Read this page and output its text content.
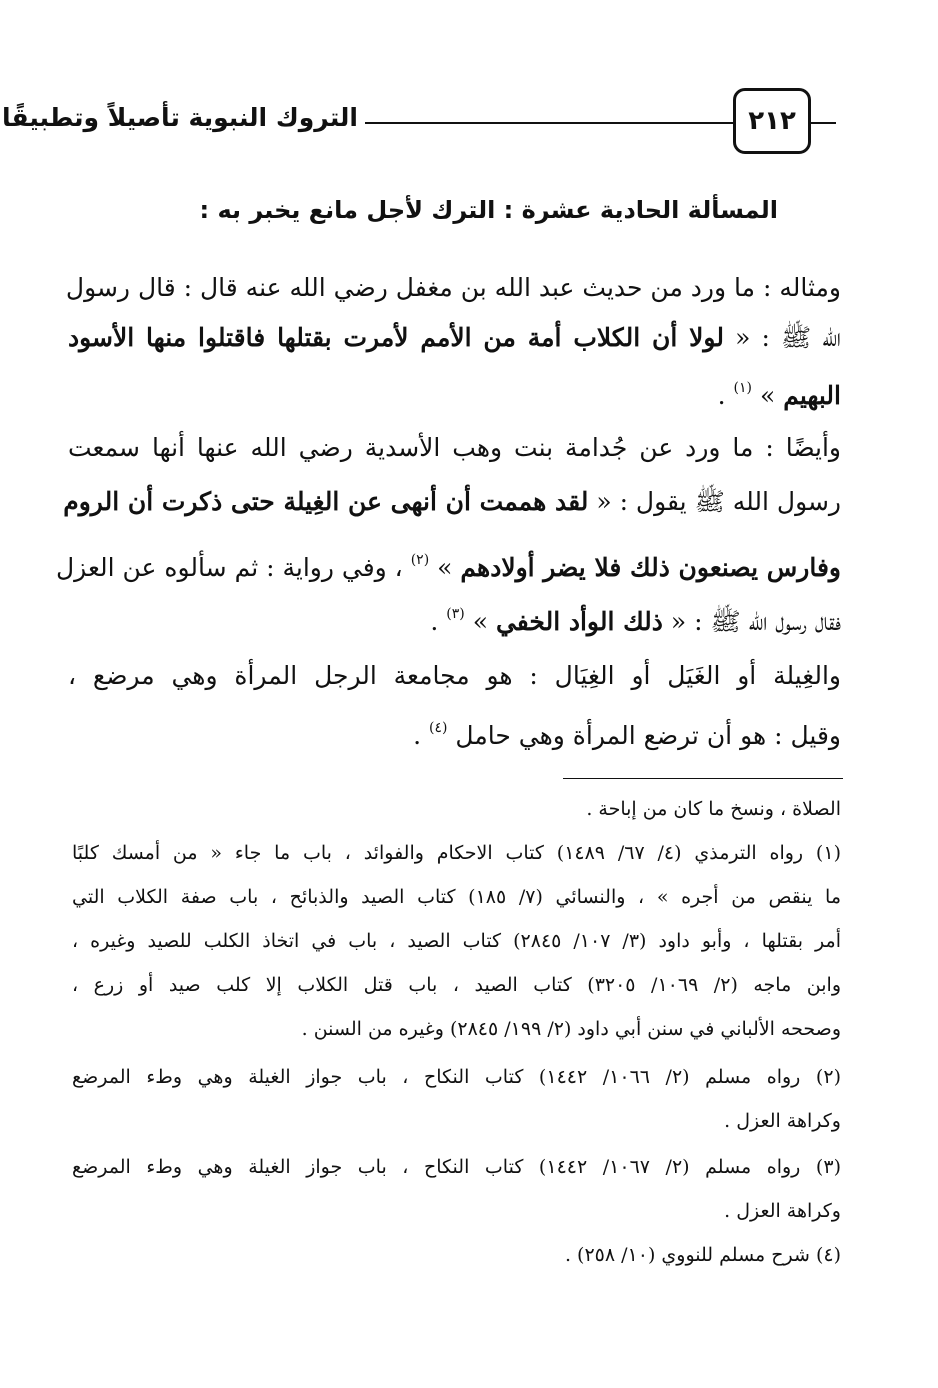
٢١٢
التروك النبوية تأصيلاً وتطبيقًا
المسألة الحادية عشرة : الترك لأجل مانع يخبر به :
ومثاله : ما ورد من حديث عبد الله بن مغفل رضي الله عنه قال : قال رسول
الله ﷺ : « لولا أن الكلاب أمة من الأمم لأمرت بقتلها فاقتلوا منها الأسود
البهيم » $^{(١)}$ .
وأيضًا : ما ورد عن جُدامة بنت وهب الأسدية رضي الله عنها أنها سمعت
رسول الله ﷺ يقول : « لقد هممت أن أنهى عن الغِيلة حتى ذكرت أن الروم
وفارس يصنعون ذلك فلا يضر أولادهم » $^{(٢)}$ ، وفي رواية : ثم سألوه عن العزل
فقال رسول الله ﷺ : « ذلك الوأد الخفي » $^{(٣)}$ .
والغِيلة أو الغَيَل أو الغِيَال : هو مجامعة الرجل المرأة وهي مرضع ،
وقيل : هو أن ترضع المرأة وهي حامل $^{(٤)}$ .
الصلاة ، ونسخ ما كان من إباحة .
(١) رواه الترمذي (٤/ ٦٧/ ١٤٨٩) كتاب الاحكام والفوائد ، باب ما جاء « من أمسك كلبًا
ما ينقص من أجره » ، والنسائي (٧/ ١٨٥) كتاب الصيد والذبائح ، باب صفة الكلاب التي
أمر بقتلها ، وأبو داود (٣/ ١٠٧/ ٢٨٤٥) كتاب الصيد ، باب في اتخاذ الكلب للصيد وغيره ،
وابن ماجه (٢/ ١٠٦٩/ ٣٢٠٥) كتاب الصيد ، باب قتل الكلاب إلا كلب صيد أو زرع ،
وصححه الألباني في سنن أبي داود (٢/ ١٩٩/ ٢٨٤٥) وغيره من السنن .
(٢) رواه مسلم (٢/ ١٠٦٦/ ١٤٤٢) كتاب النكاح ، باب جواز الغيلة وهي وطء المرضع
وكراهة العزل .
(٣) رواه مسلم (٢/ ١٠٦٧/ ١٤٤٢) كتاب النكاح ، باب جواز الغيلة وهي وطء المرضع
وكراهة العزل .
(٤) شرح مسلم للنووي (١٠/ ٢٥٨) .
